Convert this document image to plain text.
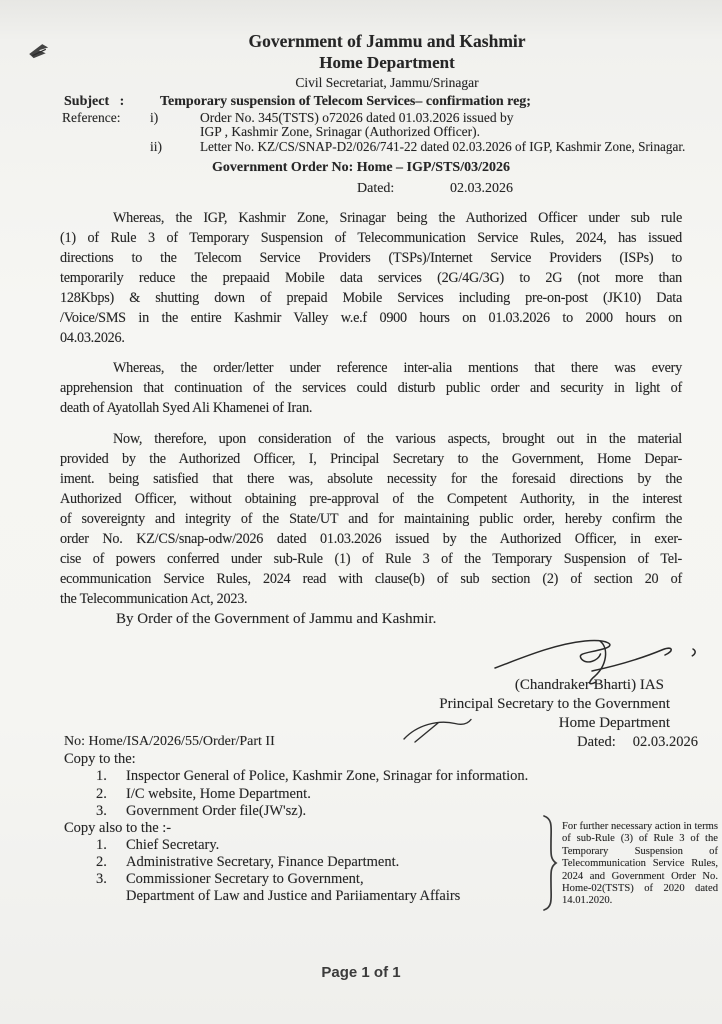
Government of Jammu and Kashmir
Home Department
Civil Secretariat, Jammu/Srinagar
Subject   :	Temporary suspension of Telecom Services– confirmation reg;
Reference: i)	Order No. 345(TSTS) o72026 dated 01.03.2026 issued by
IGP , Kashmir Zone, Srinagar (Authorized Officer).
ii)	Letter No. KZ/CS/SNAP-D2/026/741-22 dated 02.03.2026 of IGP, Kashmir Zone, Srinagar.
Government Order No: Home – IGP/STS/03/2026
Dated:	02.03.2026
Whereas, the IGP, Kashmir Zone, Srinagar being the Authorized Officer under sub rule
(1) of Rule 3 of Temporary Suspension of Telecommunication Service Rules, 2024, has issued
directions to the Telecom Service Providers (TSPs)/Internet Service Providers (ISPs) to
temporarily reduce the prepaaid Mobile data services (2G/4G/3G) to 2G (not more than
128Kbps) & shutting down of prepaid Mobile Services including pre-on-post (JK10) Data
/Voice/SMS in the entire Kashmir Valley w.e.f 0900 hours on 01.03.2026 to 2000 hours on
04.03.2026.
Whereas, the order/letter under reference inter-alia mentions that there was every
apprehension that continuation of the services could disturb public order and security in light of
death of Ayatollah Syed Ali Khamenei of Iran.
Now, therefore, upon consideration of the various aspects, brought out in the material
provided by the Authorized Officer, I, Principal Secretary to the Government, Home Depar-
iment. being satisfied that there was, absolute necessity for the foresaid directions by the
Authorized Officer, without obtaining pre-approval of the Competent Authority, in the interest
of sovereignty and integrity of the State/UT and for maintaining public order, hereby confirm the
order No. KZ/CS/snap-odw/2026 dated 01.03.2026 issued by the Authorized Officer, in exer-
cise of powers conferred under sub-Rule (1) of Rule 3 of the Temporary Suspension of Tel-
ecommunication Service Rules, 2024 read with clause(b) of sub section (2) of section 20 of
the Telecommunication Act, 2023.
By Order of the Government of Jammu and Kashmir.
(Chandraker Bharti) IAS
Principal Secretary to the Government
Home Department
Dated: 02.03.2026
No: Home/ISA/2026/55/Order/Part II
Copy to the:
1.	Inspector General of Police, Kashmir Zone, Srinagar for information.
2.	I/C website, Home Department.
3.	Government Order file(JW'sz).
Copy also to the :-
1.	Chief Secretary.
2.	Administrative Secretary, Finance Department.
3.	Commissioner Secretary to Government,
Department of Law and Justice and Pariiamentary Affairs
For further necessary action in terms of sub-Rule (3) of Rule 3 of the Temporary Suspension of Telecommunication Service Rules, 2024 and Government Order No. Home-02(TSTS) of 2020 dated 14.01.2020.
Page 1 of 1
